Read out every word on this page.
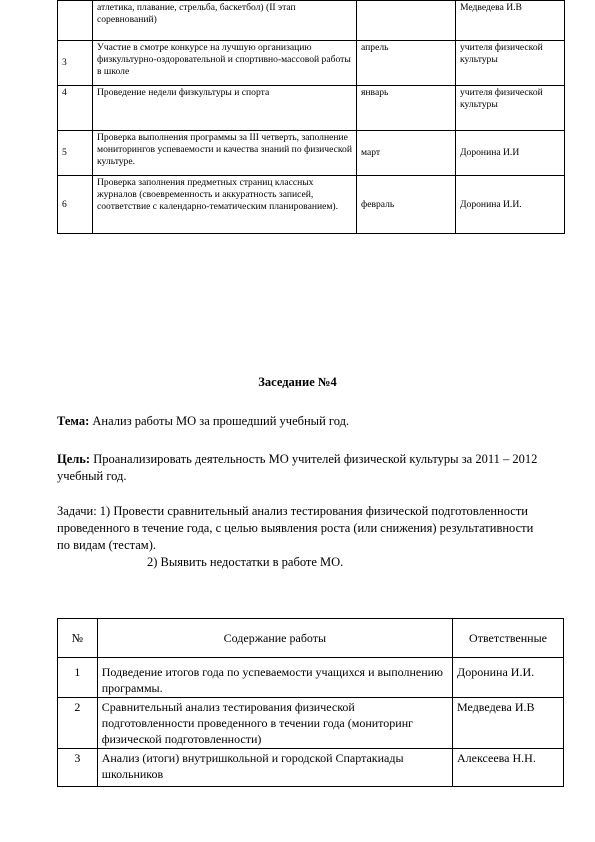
	атлетика, плавание, стрельба, баскетбол) (II этап соревнований)		Медведева И.В
3	Участие в смотре конкурсе на лучшую организацию физкультурно-оздоровательной и спортивно-массовой работы в школе	апрель	учителя физической культуры
4	Проведение недели физкультуры и спорта	январь	учителя физической культуры
5	Проверка выполнения программы за III четверть, заполнение мониторингов успеваемости и качества знаний по физической культуре.	март	Доронина И.И
6	Проверка заполнения предметных страниц классных журналов (своевременность и аккуратность записей, соответствие с календарно-тематическим планированием).	февраль	Доронина И.И.
Заседание №4
Тема: Анализ работы МО за прошедший учебный год.
Цель: Проанализировать деятельность МО учителей физической культуры за 2011 – 2012 учебный год.
Задачи: 1) Провести сравнительный анализ тестирования физической подготовленности проведенного в течение года, с целью выявления роста (или снижения) результативности по видам (тестам).
2) Выявить недостатки в работе МО.
№	Содержание работы	Ответственные
1	Подведение итогов года по успеваемости учащихся и выполнению программы.	Доронина И.И.
2	Сравнительный анализ тестирования физической подготовленности проведенного в течении года (мониторинг физической подготовленности)	Медведева И.В
3	Анализ (итоги) внутришкольной и городской Спартакиады школьников	Алексеева Н.Н.
